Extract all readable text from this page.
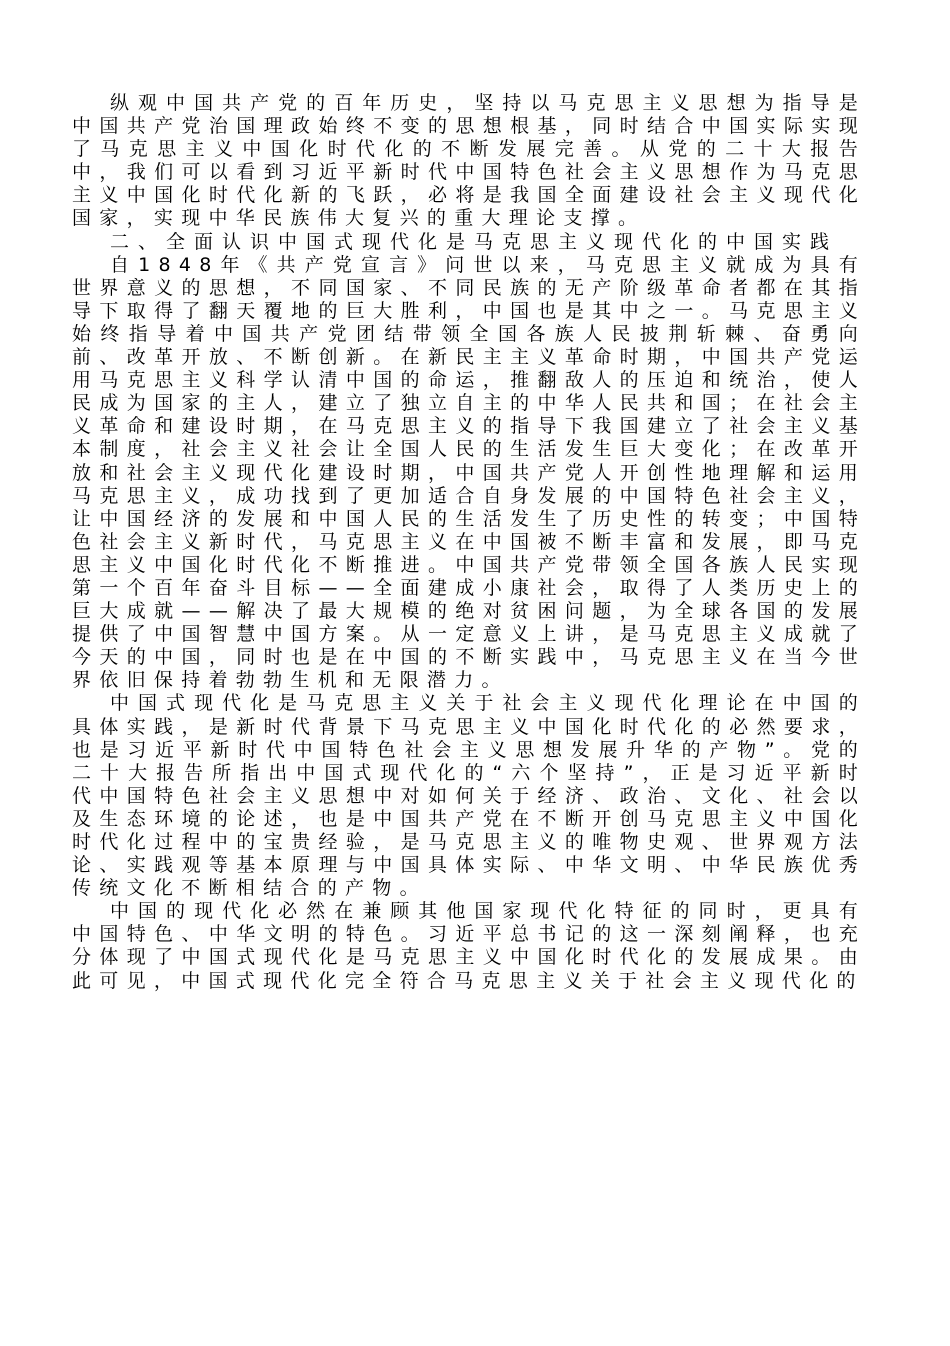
纵观中国共产党的百年历史，坚持以马克思主义思想为指导是中国共产党治国理政始终不变的思想根基，同时结合中国实际实现了马克思主义中国化时代化的不断发展完善。从党的二十大报告中，我们可以看到习近平新时代中国特色社会主义思想作为马克思主义中国化时代化新的飞跃，必将是我国全面建设社会主义现代化国家，实现中华民族伟大复兴的重大理论支撑。

二、全面认识中国式现代化是马克思主义现代化的中国实践

自1848年《共产党宣言》问世以来，马克思主义就成为具有世界意义的思想，不同国家、不同民族的无产阶级革命者都在其指导下取得了翻天覆地的巨大胜利，中国也是其中之一。马克思主义始终指导着中国共产党团结带领全国各族人民披荆斩棘、奋勇向前、改革开放、不断创新。在新民主主义革命时期，中国共产党运用马克思主义科学认清中国的命运，推翻敌人的压迫和统治，使人民成为国家的主人，建立了独立自主的中华人民共和国；在社会主义革命和建设时期，在马克思主义的指导下我国建立了社会主义基本制度，社会主义社会让全国人民的生活发生巨大变化；在改革开放和社会主义现代化建设时期，中国共产党人开创性地理解和运用马克思主义，成功找到了更加适合自身发展的中国特色社会主义，让中国经济的发展和中国人民的生活发生了历史性的转变；中国特色社会主义新时代，马克思主义在中国被不断丰富和发展，即马克思主义中国化时代化不断推进。中国共产党带领全国各族人民实现第一个百年奋斗目标——全面建成小康社会，取得了人类历史上的巨大成就——解决了最大规模的绝对贫困问题，为全球各国的发展提供了中国智慧中国方案。从一定意义上讲，是马克思主义成就了今天的中国，同时也是在中国的不断实践中，马克思主义在当今世界依旧保持着勃勃生机和无限潜力。

中国式现代化是马克思主义关于社会主义现代化理论在中国的具体实践，是新时代背景下马克思主义中国化时代化的必然要求，也是习近平新时代中国特色社会主义思想发展升华的产物”。党的二十大报告所指出中国式现代化的“六个坚持”，正是习近平新时代中国特色社会主义思想中对如何关于经济、政治、文化、社会以及生态环境的论述，也是中国共产党在不断开创马克思主义中国化时代化过程中的宝贵经验，是马克思主义的唯物史观、世界观方法论、实践观等基本原理与中国具体实际、中华文明、中华民族优秀传统文化不断相结合的产物。

中国的现代化必然在兼顾其他国家现代化特征的同时，更具有中国特色、中华文明的特色。习近平总书记的这一深刻阐释，也充分体现了中国式现代化是马克思主义中国化时代化的发展成果。由此可见，中国式现代化完全符合马克思主义关于社会主义现代化的
